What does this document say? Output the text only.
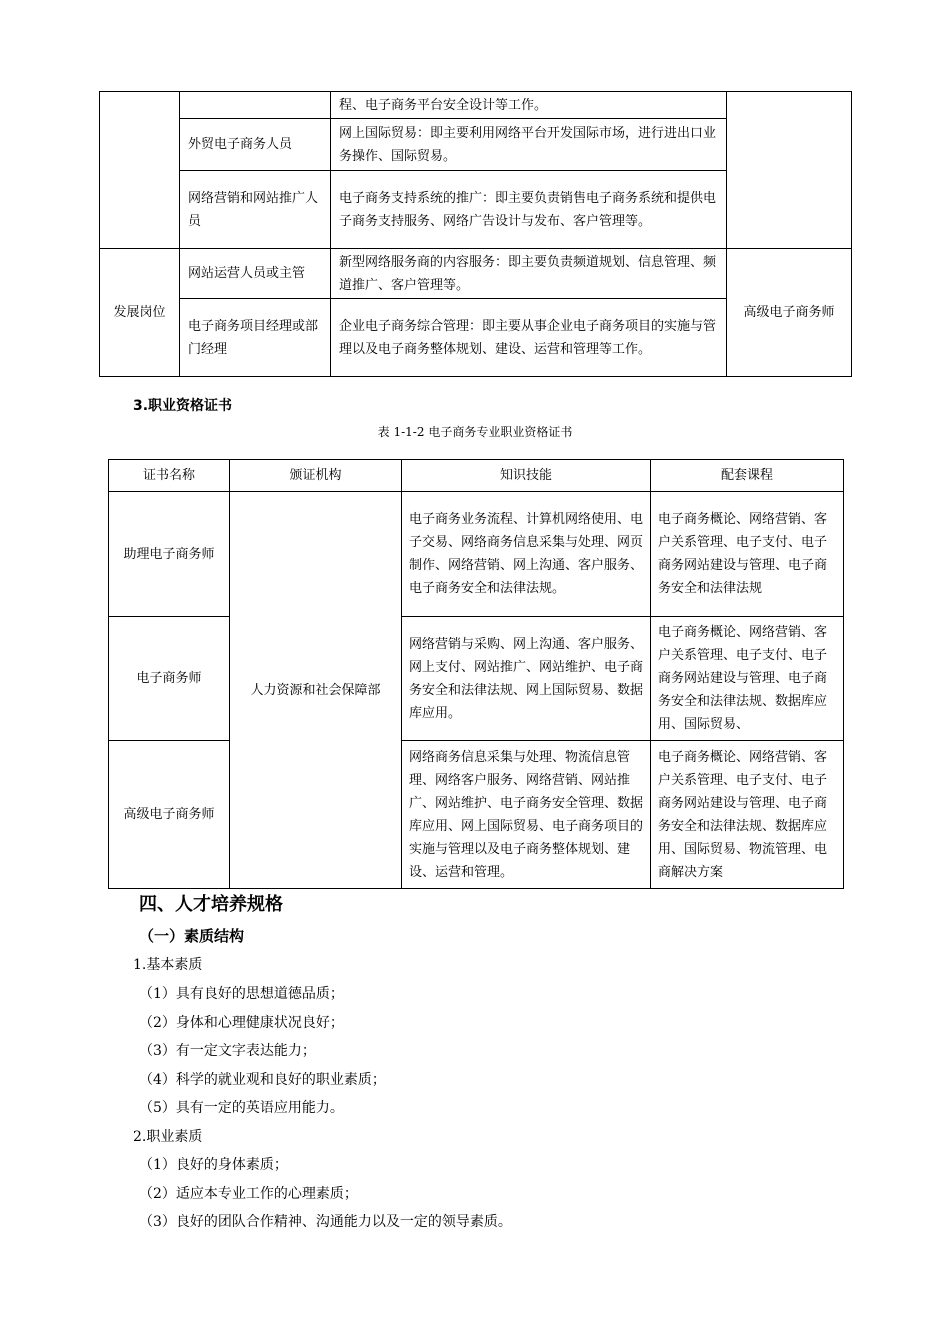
		程、电子商务平台安全设计等工作。	
	外贸电子商务人员	网上国际贸易：即主要利用网络平台开发国际市场，进行进出口业务操作、国际贸易。	
	网络营销和网站推广人员	电子商务支持系统的推广：即主要负责销售电子商务系统和提供电子商务支持服务、网络广告设计与发布、客户管理等。	
发展岗位	网站运营人员或主管	新型网络服务商的内容服务：即主要负责频道规划、信息管理、频道推广、客户管理等。	高级电子商务师
	电子商务项目经理或部门经理	企业电子商务综合管理：即主要从事企业电子商务项目的实施与管理以及电子商务整体规划、建设、运营和管理等工作。	
3.职业资格证书
表 1-1-2 电子商务专业职业资格证书
证书名称	颁证机构	知识技能	配套课程
助理电子商务师	人力资源和社会保障部	电子商务业务流程、计算机网络使用、电子交易、网络商务信息采集与处理、网页制作、网络营销、网上沟通、客户服务、电子商务安全和法律法规。	电子商务概论、网络营销、客户关系管理、电子支付、电子商务网站建设与管理、电子商务安全和法律法规
电子商务师		网络营销与采购、网上沟通、客户服务、网上支付、网站推广、网站维护、电子商务安全和法律法规、网上国际贸易、数据库应用。	电子商务概论、网络营销、客户关系管理、电子支付、电子商务网站建设与管理、电子商务安全和法律法规、数据库应用、国际贸易、
高级电子商务师		网络商务信息采集与处理、物流信息管理、网络客户服务、网络营销、网站推广、网站维护、电子商务安全管理、数据库应用、网上国际贸易、电子商务项目的实施与管理以及电子商务整体规划、建设、运营和管理。	电子商务概论、网络营销、客户关系管理、电子支付、电子商务网站建设与管理、电子商务安全和法律法规、数据库应用、国际贸易、物流管理、电商解决方案
四、人才培养规格
（一）素质结构
1.基本素质
（1）具有良好的思想道德品质；
（2）身体和心理健康状况良好；
（3）有一定文字表达能力；
（4）科学的就业观和良好的职业素质；
（5）具有一定的英语应用能力。
2.职业素质
（1）良好的身体素质；
（2）适应本专业工作的心理素质；
（3）良好的团队合作精神、沟通能力以及一定的领导素质。
